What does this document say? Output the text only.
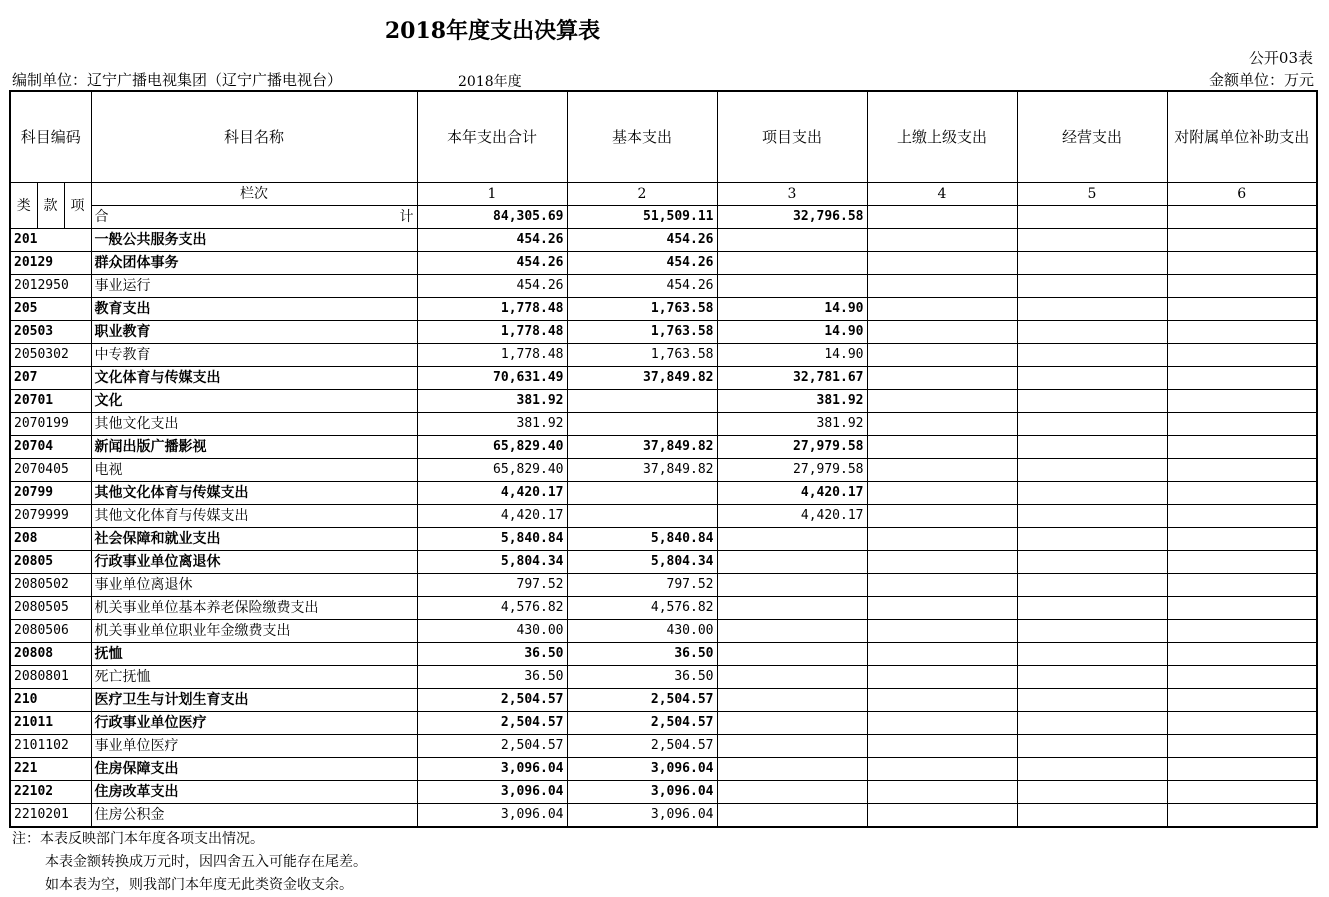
2018年度支出决算表
公开03表
编制单位：辽宁广播电视集团（辽宁广播电视台）	2018年度	金额单位：万元
科目编码			科目名称	本年支出合计	基本支出	项目支出	上缴上级支出	经营支出	对附属单位补助支出
类	款	项	栏次	1	2	3	4	5	6

			合 计	84,305.69	51,509.11	32,796.58			
201			一般公共服务支出	454.26	454.26				
20129			群众团体事务	454.26	454.26				
2012950			事业运行	454.26	454.26				
205			教育支出	1,778.48	1,763.58	14.90			
20503			职业教育	1,778.48	1,763.58	14.90			
2050302			中专教育	1,778.48	1,763.58	14.90			
207			文化体育与传媒支出	70,631.49	37,849.82	32,781.67			
20701			文化	381.92		381.92			
2070199			其他文化支出	381.92		381.92			
20704			新闻出版广播影视	65,829.40	37,849.82	27,979.58			
2070405			电视	65,829.40	37,849.82	27,979.58			
20799			其他文化体育与传媒支出	4,420.17		4,420.17			
2079999			其他文化体育与传媒支出	4,420.17		4,420.17			
208			社会保障和就业支出	5,840.84	5,840.84				
20805			行政事业单位离退休	5,804.34	5,804.34				
2080502			事业单位离退休	797.52	797.52				
2080505			机关事业单位基本养老保险缴费支出	4,576.82	4,576.82				
2080506			机关事业单位职业年金缴费支出	430.00	430.00				
20808			抚恤	36.50	36.50				
2080801			死亡抚恤	36.50	36.50				
210			医疗卫生与计划生育支出	2,504.57	2,504.57				
21011			行政事业单位医疗	2,504.57	2,504.57				
2101102			事业单位医疗	2,504.57	2,504.57				
221			住房保障支出	3,096.04	3,096.04				
22102			住房改革支出	3,096.04	3,096.04				
2210201			住房公积金	3,096.04	3,096.04				
注：本表反映部门本年度各项支出情况。
本表金额转换成万元时，因四舍五入可能存在尾差。
如本表为空，则我部门本年度无此类资金收支余。
